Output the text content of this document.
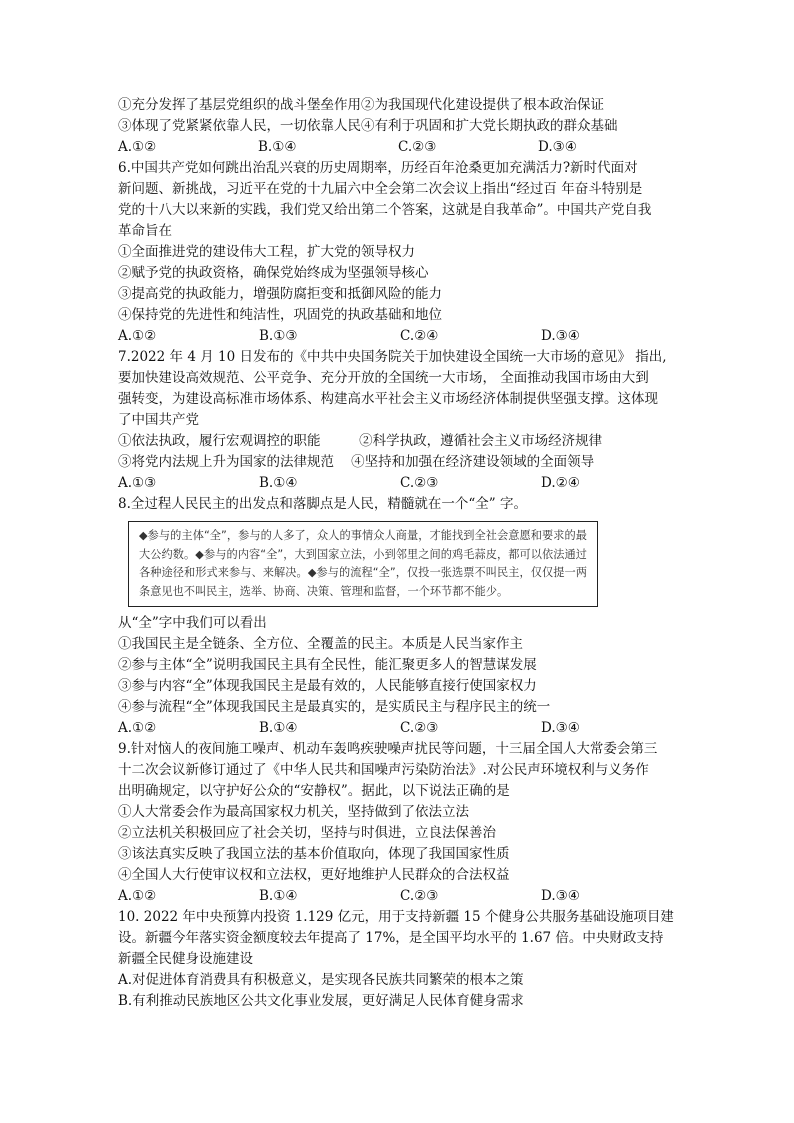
①充分发挥了基层党组织的战斗堡垒作用②为我国现代化建设提供了根本政治保证
③体现了党紧紧依靠人民，一切依靠人民④有利于巩固和扩大党长期执政的群众基础
A.①②	B.①④	C.②③	D.③④
6.中国共产党如何跳出治乱兴衰的历史周期率，历经百年沧桑更加充满活力?新时代面对
新问题、新挑战，习近平在党的十九届六中全会第二次会议上指出“经过百 年奋斗特别是
党的十八大以来新的实践，我们党又给出第二个答案，这就是自我革命”。中国共产党自我
革命旨在
①全面推进党的建设伟大工程，扩大党的领导权力
②赋予党的执政资格，确保党始终成为坚强领导核心
③提高党的执政能力，增强防腐拒变和抵御风险的能力
④保持党的先进性和纯洁性，巩固党的执政基础和地位
A.①②	B.①③	C.②④	D.③④
7.2022 年 4 月 10 日发布的《中共中央国务院关于加快建设全国统一大市场的意见》 指出,
要加快建设高效规范、公平竞争、充分开放的全国统一大市场， 全面推动我国市场由大到
强转变，为建设高标准市场体系、构建高水平社会主义市场经济体制提供坚强支撑。这体现
了中国共产党
①依法执政，履行宏观调控的职能         ②科学执政，遵循社会主义市场经济规律
③将党内法规上升为国家的法律规范    ④坚持和加强在经济建设领域的全面领导
A.①③	B.①④	C.②③	D.②④
8.全过程人民民主的出发点和落脚点是人民，精髓就在一个“全” 字。

◆参与的主体“全”，参与的人多了，众人的事情众人商量，才能找到全社会意愿和要求的最大公约数。◆参与的内容“全”，大到国家立法，小到邻里之间的鸡毛蒜皮，都可以依法通过各种途径和形式来参与、来解决。◆参与的流程“全”，仅投一张选票不叫民主，仅仅提一两条意见也不叫民主，选举、协商、决策、管理和监督，一个环节都不能少。

从“全”字中我们可以看出
①我国民主是全链条、全方位、全覆盖的民主。本质是人民当家作主
②参与主体“全”说明我国民主具有全民性，能汇聚更多人的智慧谋发展
③参与内容“全”体现我国民主是最有效的，人民能够直接行使国家权力
④参与流程“全”体现我国民主是最真实的，是实质民主与程序民主的统一
A.①②	B.①④	C.②③	D.③④
9.针对恼人的夜间施工噪声、机动车轰鸣疾驶噪声扰民等问题，十三届全国人大常委会第三
十二次会议新修订通过了《中华人民共和国噪声污染防治法》.对公民声环境权利与义务作
出明确规定，以守护好公众的“安静权”。据此，以下说法正确的是
①人大常委会作为最高国家权力机关，坚持做到了依法立法
②立法机关积极回应了社会关切，坚持与时俱进，立良法保善治
③该法真实反映了我国立法的基本价值取向，体现了我国国家性质
④全国人大行使审议权和立法权，更好地维护人民群众的合法权益
A.①②	B.①④	C.②③	D.③④
10. 2022 年中央预算内投资 1.129 亿元，用于支持新疆 15 个健身公共服务基础设施项目建
设。新疆今年落实资金额度较去年提高了 17%，是全国平均水平的 1.67 倍。中央财政支持
新疆全民健身设施建设
A.对促进体育消费具有积极意义，是实现各民族共同繁荣的根本之策
B.有利推动民族地区公共文化事业发展，更好满足人民体育健身需求
